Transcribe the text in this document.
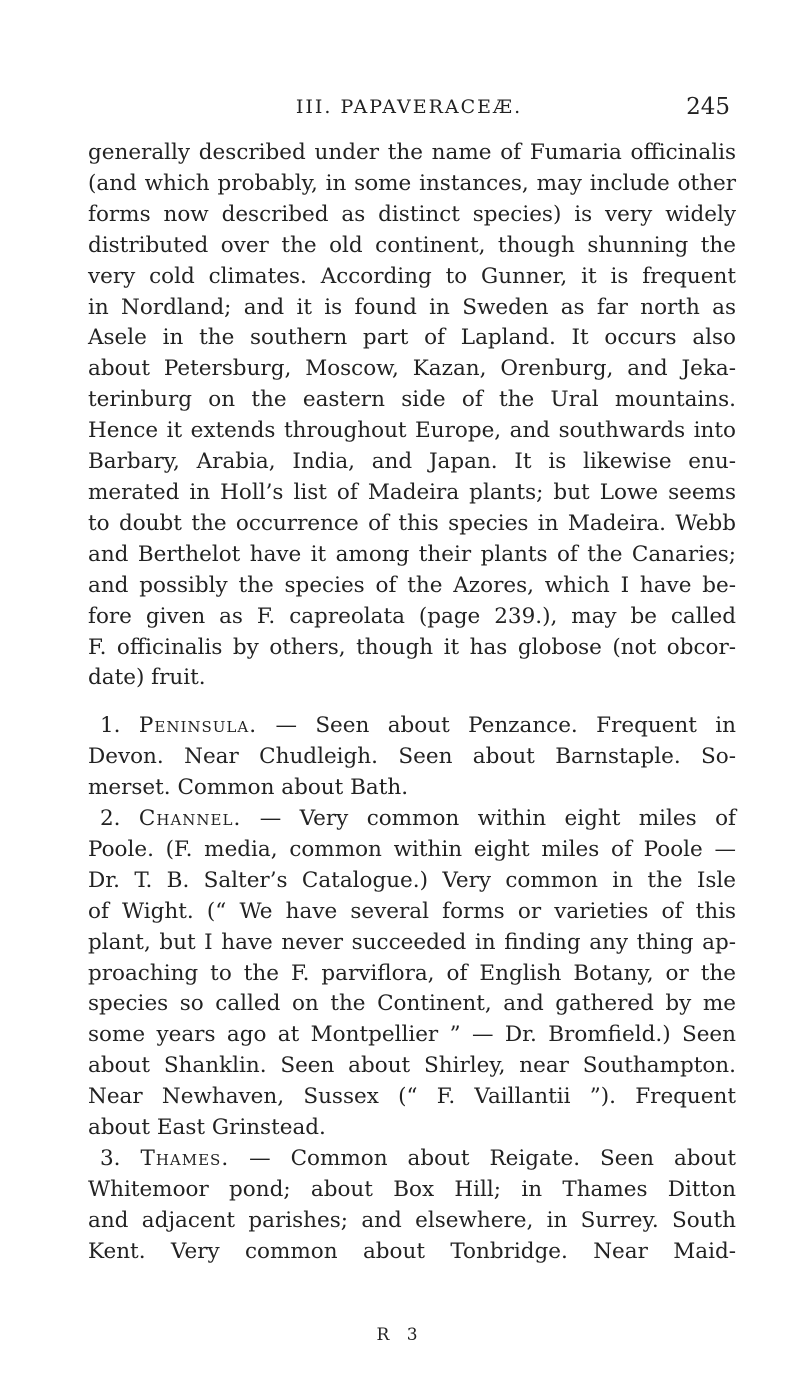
III. PAPAVERACEÆ.	245

generally described under the name of Fumaria officinalis
(and which probably, in some instances, may include other
forms now described as distinct species) is very widely
distributed over the old continent, though shunning the
very cold climates. According to Gunner, it is frequent
in Nordland; and it is found in Sweden as far north as
Asele in the southern part of Lapland. It occurs also
about Petersburg, Moscow, Kazan, Orenburg, and Jeka-
terinburg on the eastern side of the Ural mountains.
Hence it extends throughout Europe, and southwards into
Barbary, Arabia, India, and Japan. It is likewise enu-
merated in Holl’s list of Madeira plants; but Lowe seems
to doubt the occurrence of this species in Madeira. Webb
and Berthelot have it among their plants of the Canaries;
and possibly the species of the Azores, which I have be-
fore given as F. capreolata (page 239.), may be called
F. officinalis by others, though it has globose (not obcor-
date) fruit.

1. Peninsula. — Seen about Penzance. Frequent in
Devon. Near Chudleigh. Seen about Barnstaple. So-
merset. Common about Bath.

2. Channel. — Very common within eight miles of
Poole. (F. media, common within eight miles of Poole —
Dr. T. B. Salter’s Catalogue.) Very common in the Isle
of Wight. (“ We have several forms or varieties of this
plant, but I have never succeeded in finding any thing ap-
proaching to the F. parviflora, of English Botany, or the
species so called on the Continent, and gathered by me
some years ago at Montpellier ” — Dr. Bromfield.) Seen
about Shanklin. Seen about Shirley, near Southampton.
Near Newhaven, Sussex (“ F. Vaillantii ”). Frequent
about East Grinstead.

3. Thames. — Common about Reigate. Seen about
Whitemoor pond; about Box Hill; in Thames Ditton
and adjacent parishes; and elsewhere, in Surrey. South
Kent. Very common about Tonbridge. Near Maid-

R 3
